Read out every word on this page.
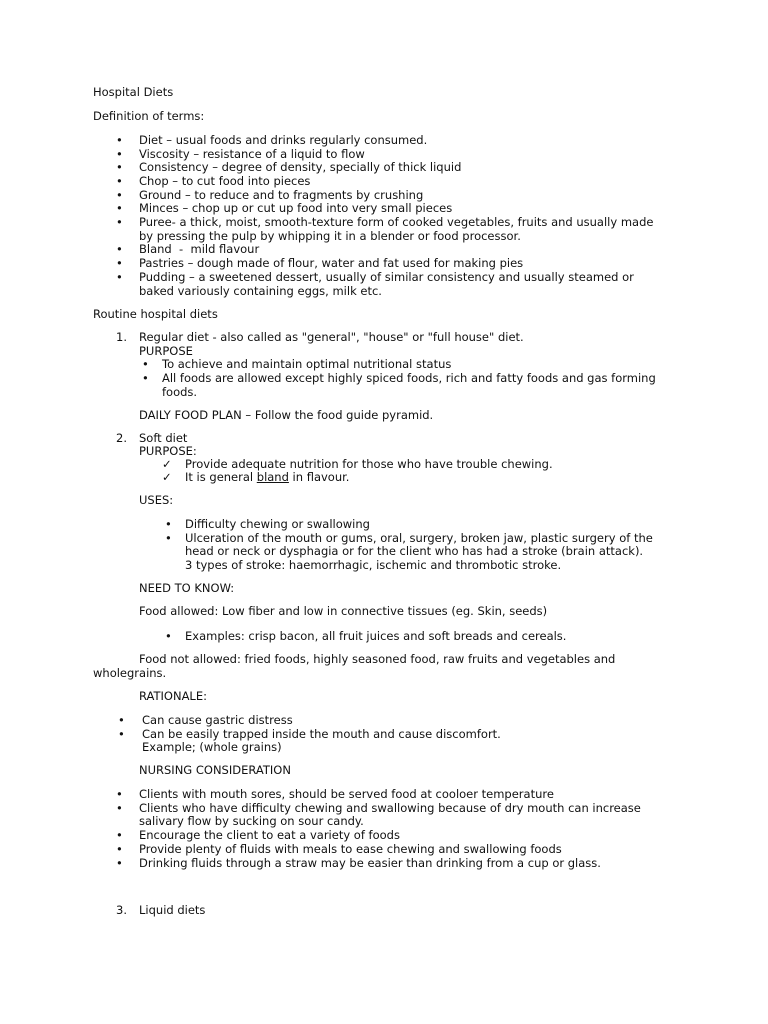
Hospital Diets
Definition of terms:
• Diet – usual foods and drinks regularly consumed.
• Viscosity – resistance of a liquid to flow
• Consistency – degree of density, specially of thick liquid
• Chop – to cut food into pieces
• Ground – to reduce and to fragments by crushing
• Minces – chop up or cut up food into very small pieces
• Puree- a thick, moist, smooth-texture form of cooked vegetables, fruits and usually made
by pressing the pulp by whipping it in a blender or food processor.
• Bland  -  mild flavour
• Pastries – dough made of flour, water and fat used for making pies
• Pudding – a sweetened dessert, usually of similar consistency and usually steamed or
baked variously containing eggs, milk etc.
Routine hospital diets
1. Regular diet - also called as "general", "house" or "full house" diet.
PURPOSE
• To achieve and maintain optimal nutritional status
• All foods are allowed except highly spiced foods, rich and fatty foods and gas forming
foods.
DAILY FOOD PLAN – Follow the food guide pyramid.
2. Soft diet
PURPOSE:
✓ Provide adequate nutrition for those who have trouble chewing.
✓ It is general bland in flavour.
USES:
• Difficulty chewing or swallowing
• Ulceration of the mouth or gums, oral, surgery, broken jaw, plastic surgery of the
head or neck or dysphagia or for the client who has had a stroke (brain attack).
3 types of stroke: haemorrhagic, ischemic and thrombotic stroke.
NEED TO KNOW:
Food allowed: Low fiber and low in connective tissues (eg. Skin, seeds)
• Examples: crisp bacon, all fruit juices and soft breads and cereals.
Food not allowed: fried foods, highly seasoned food, raw fruits and vegetables and
wholegrains.
RATIONALE:
• Can cause gastric distress
• Can be easily trapped inside the mouth and cause discomfort.
Example; (whole grains)
NURSING CONSIDERATION
• Clients with mouth sores, should be served food at cooloer temperature
• Clients who have difficulty chewing and swallowing because of dry mouth can increase
salivary flow by sucking on sour candy.
• Encourage the client to eat a variety of foods
• Provide plenty of fluids with meals to ease chewing and swallowing foods
• Drinking fluids through a straw may be easier than drinking from a cup or glass.
3. Liquid diets
